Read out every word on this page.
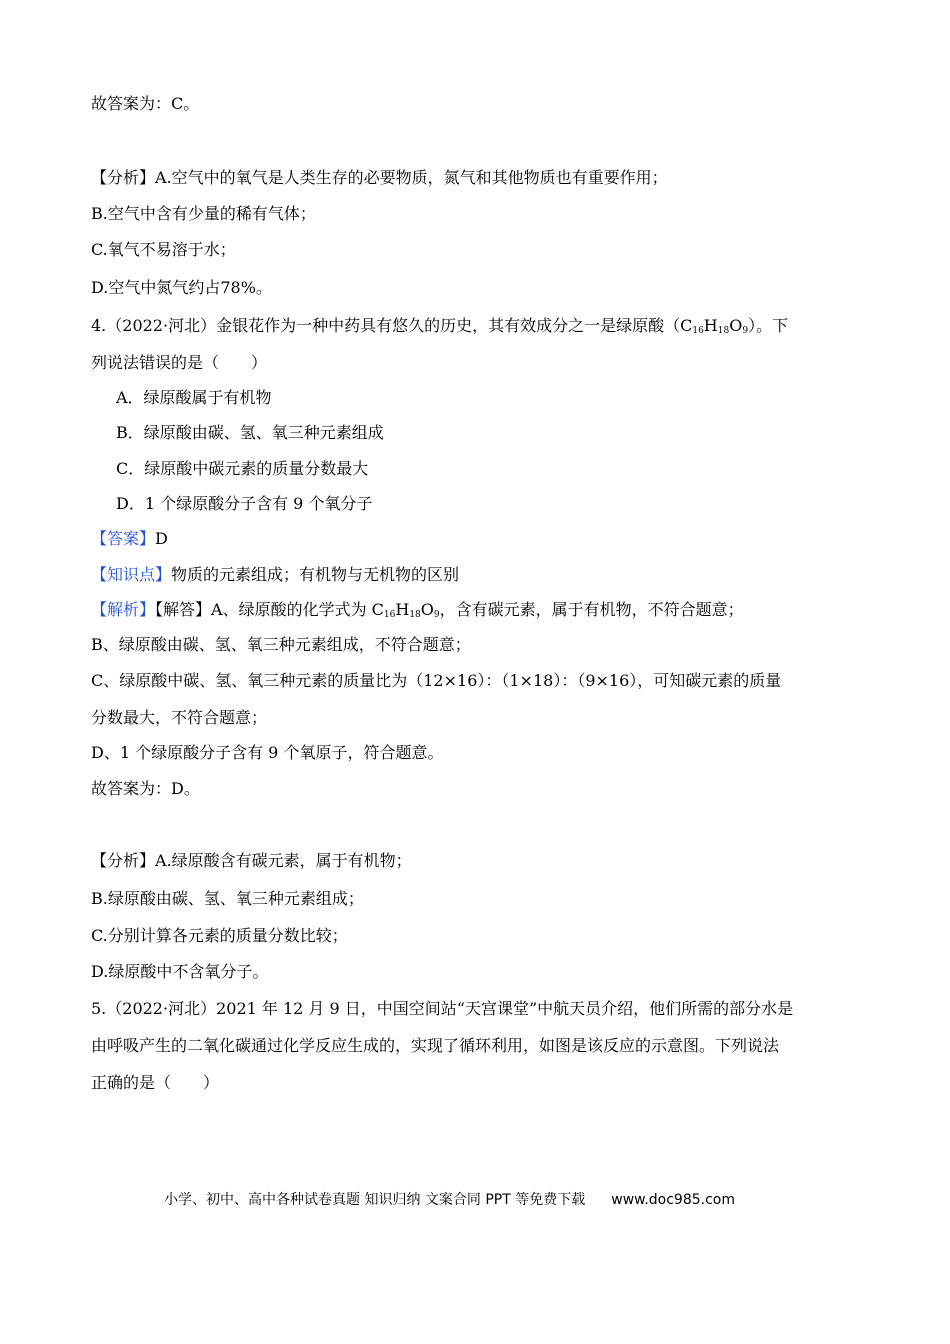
故答案为：C。
【分析】A.空气中的氧气是人类生存的必要物质，氮气和其他物质也有重要作用；
B.空气中含有少量的稀有气体；
C.氧气不易溶于水；
D.空气中氮气约占78%。
4.（2022·河北）金银花作为一种中药具有悠久的历史，其有效成分之一是绿原酸$(C_{16}H_{18}O_9)$。下
列说法错误的是（　　）
A．绿原酸属于有机物
B．绿原酸由碳、氢、氧三种元素组成
C．绿原酸中碳元素的质量分数最大
D．1 个绿原酸分子含有 9 个氧分子
【答案】D
【知识点】物质的元素组成；有机物与无机物的区别
【解析】【解答】A、绿原酸的化学式为 $C_{16}H_{18}O_9$，含有碳元素，属于有机物，不符合题意；
B、绿原酸由碳、氢、氧三种元素组成，不符合题意；
C、绿原酸中碳、氢、氧三种元素的质量比为（12×16）：（1×18）：（9×16），可知碳元素的质量
分数最大，不符合题意；
D、1 个绿原酸分子含有 9 个氧原子，符合题意。
故答案为：D。
【分析】A.绿原酸含有碳元素，属于有机物；
B.绿原酸由碳、氢、氧三种元素组成；
C.分别计算各元素的质量分数比较；
D.绿原酸中不含氧分子。
5.（2022·河北）2021 年 12 月 9 日，中国空间站“天宫课堂”中航天员介绍，他们所需的部分水是
由呼吸产生的二氧化碳通过化学反应生成的，实现了循环利用，如图是该反应的示意图。下列说法
正确的是（　　）
小学、初中、高中各种试卷真题 知识归纳 文案合同 PPT 等免费下载 www.doc985.com
